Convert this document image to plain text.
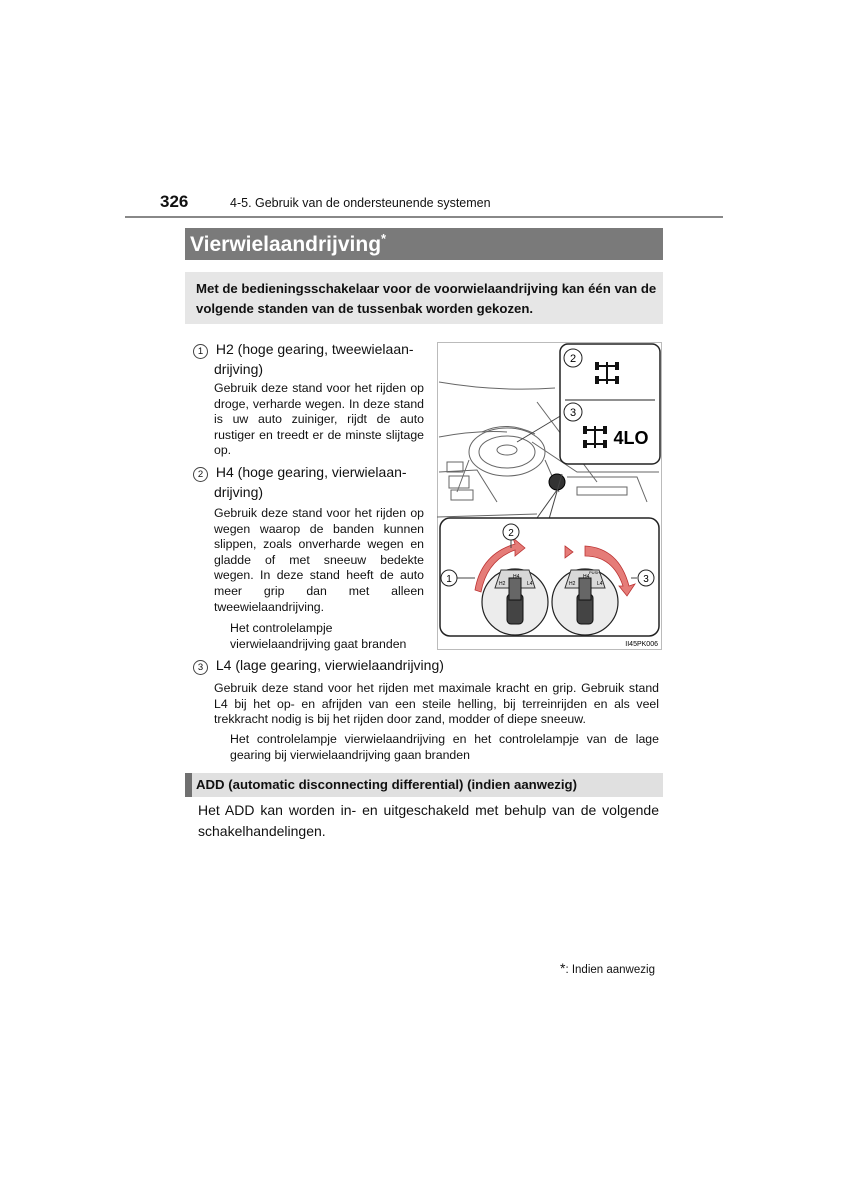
326	4-5. Gebruik van de ondersteunende systemen
Vierwielaandrijving*
Met de bedieningsschakelaar voor de voorwielaandrijving kan één van de volgende standen van de tussenbak worden gekozen.
1 H2 (hoge gearing, tweewielaan-
drijving)
Gebruik deze stand voor het rijden op droge, verharde wegen. In deze stand is uw auto zuiniger, rijdt de auto rustiger en treedt er de minste slijtage op.
2 H4 (hoge gearing, vierwielaan-
drijving)
Gebruik deze stand voor het rijden op wegen waarop de banden kunnen slippen, zoals onverharde wegen en gladde of met sneeuw bedekte wegen. In deze stand heeft de auto meer grip dan met alleen tweewielaandrijving.
Het controlelampje vierwielaandrijving gaat branden
3 L4 (lage gearing, vierwielaandrijving)
Gebruik deze stand voor het rijden met maximale kracht en grip. Gebruik stand L4 bij het op- en afrijden van een steile helling, bij terreinrijden en als veel trekkracht nodig is bij het rijden door zand, modder of diepe sneeuw.
Het controlelampje vierwielaandrijving en het controlelampje van de lage gearing bij vierwielaandrijving gaan branden
2
3
4LO
H2
H4
L4	H2
H4
L4
PUSH
1
2
3
II45PK006
ADD (automatic disconnecting differential) (indien aanwezig)
Het ADD kan worden in- en uitgeschakeld met behulp van de volgende schakelhandelingen.
*: Indien aanwezig
